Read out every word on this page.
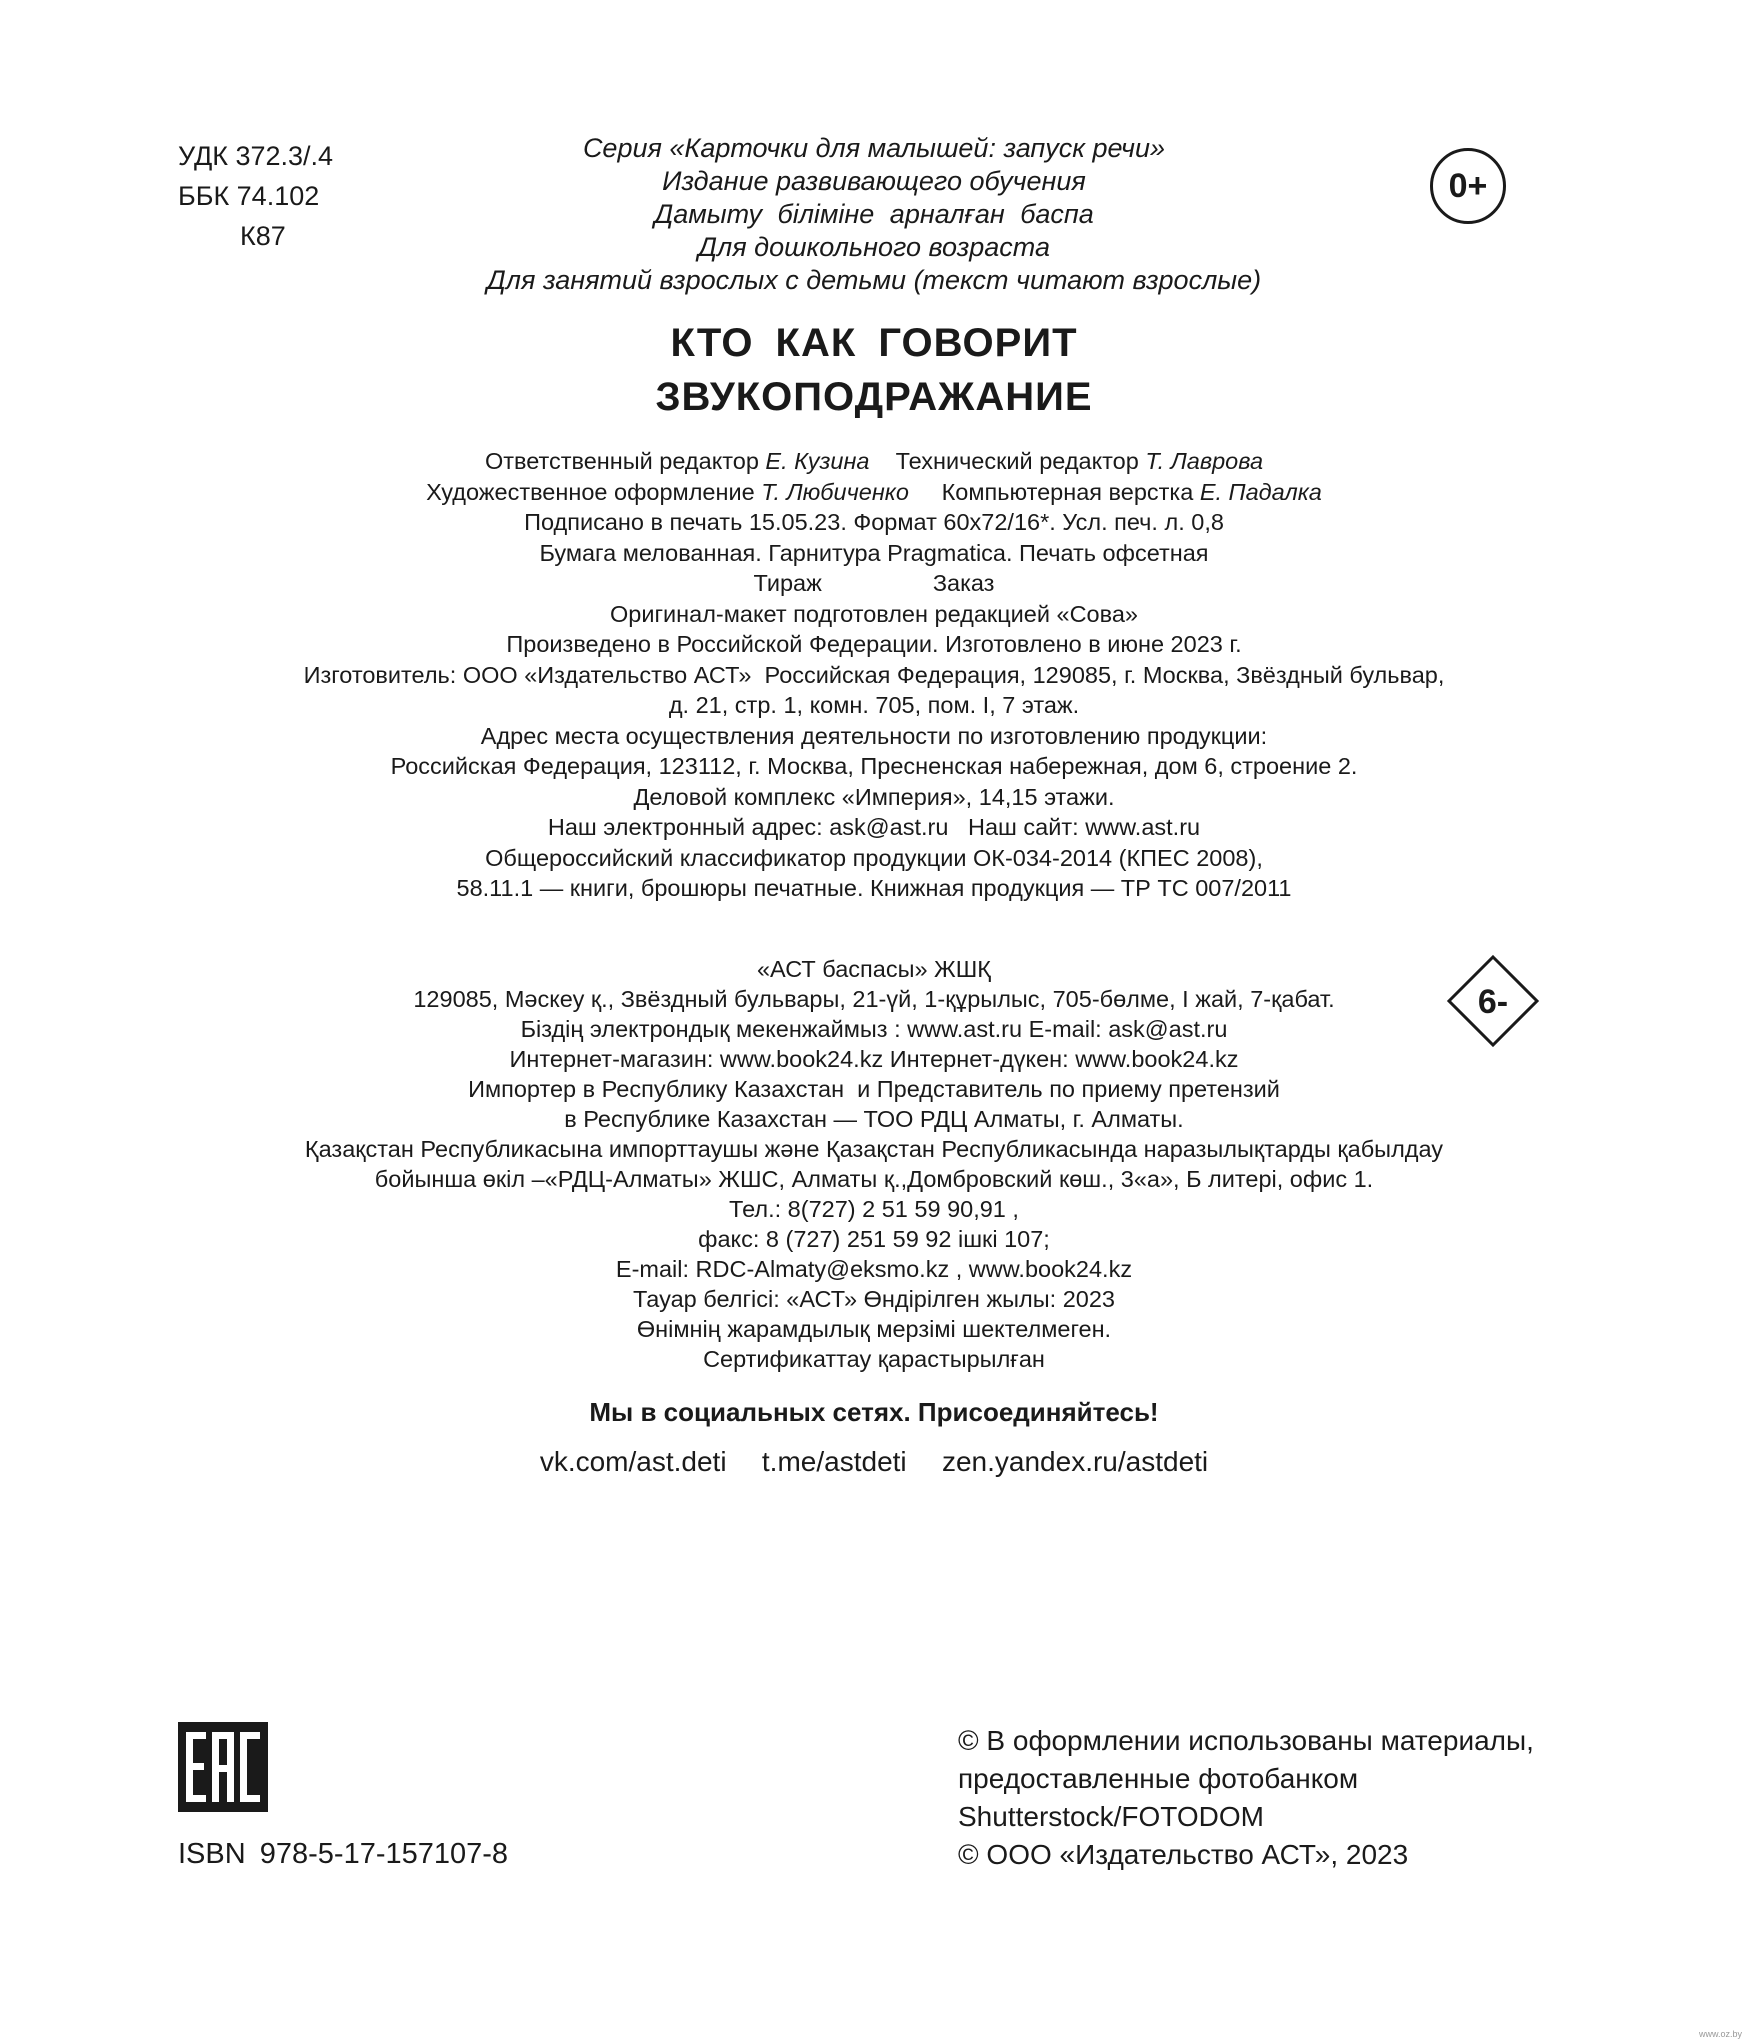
УДК 372.3/.4
ББК 74.102
К87
Серия «Карточки для малышей: запуск речи»
Издание развивающего обучения
Дамыту біліміне арналған баспа
Для дошкольного возраста
Для занятий взрослых с детьми (текст читают взрослые)
0+
КТО КАК ГОВОРИТ
ЗВУКОПОДРАЖАНИЕ
Ответственный редактор Е. Кузина Технический редактор Т. Лаврова
Художественное оформление Т. Любиченко Компьютерная верстка Е. Падалка
Подписано в печать 15.05.23. Формат 60x72/16*. Усл. печ. л. 0,8
Бумага мелованная. Гарнитура Pragmatica. Печать офсетная
Тираж                 Заказ
Оригинал-макет подготовлен редакцией «Сова»
Произведено в Российской Федерации. Изготовлено в июне 2023 г.
Изготовитель: ООО «Издательство АСТ»  Российская Федерация, 129085, г. Москва, Звёздный бульвар,
д. 21, стр. 1, комн. 705, пом. I, 7 этаж.
Адрес места осуществления деятельности по изготовлению продукции:
Российская Федерация, 123112, г. Москва, Пресненская набережная, дом 6, строение 2.
Деловой комплекс «Империя», 14,15 этажи.
Наш электронный адрес: ask@ast.ru   Наш сайт: www.ast.ru
Общероссийский классификатор продукции ОК-034-2014 (КПЕС 2008),
58.11.1 — книги, брошюры печатные. Книжная продукция — ТР ТС 007/2011
6-
«АСТ баспасы» ЖШҚ
129085, Мәскеу қ., Звёздный бульвары, 21-үй, 1-құрылыс, 705-бөлме, I жай, 7-қабат.
Біздің электрондық мекенжаймыз : www.ast.ru E-mail: ask@ast.ru
Интернет-магазин: www.book24.kz Интернет-дүкен: www.book24.kz
Импортер в Республику Казахстан  и Представитель по приему претензий
в Республике Казахстан — ТОО РДЦ Алматы, г. Алматы.
Қазақстан Республикасына импорттаушы және Қазақстан Республикасында наразылықтарды қабылдау
бойынша өкіл –«РДЦ-Алматы» ЖШС, Алматы қ.,Домбровский көш., 3«а», Б литері, офис 1.
Тел.: 8(727) 2 51 59 90,91 ,
факс: 8 (727) 251 59 92 ішкі 107;
E-mail: RDC-Almaty@eksmo.kz , www.book24.kz
Тауар белгісі: «АСТ» Өндірілген жылы: 2023
Өнімнің жарамдылық мерзімі шектелмеген.
Сертификаттау қарастырылған
Мы в социальных сетях. Присоединяйтесь!
vk.com/ast.deti t.me/astdeti zen.yandex.ru/astdeti
ISBN 978-5-17-157107-8
© В оформлении использованы материалы,
предоставленные фотобанком
Shutterstock/FOTODOM
© ООО «Издательство АСТ», 2023
www.oz.by
